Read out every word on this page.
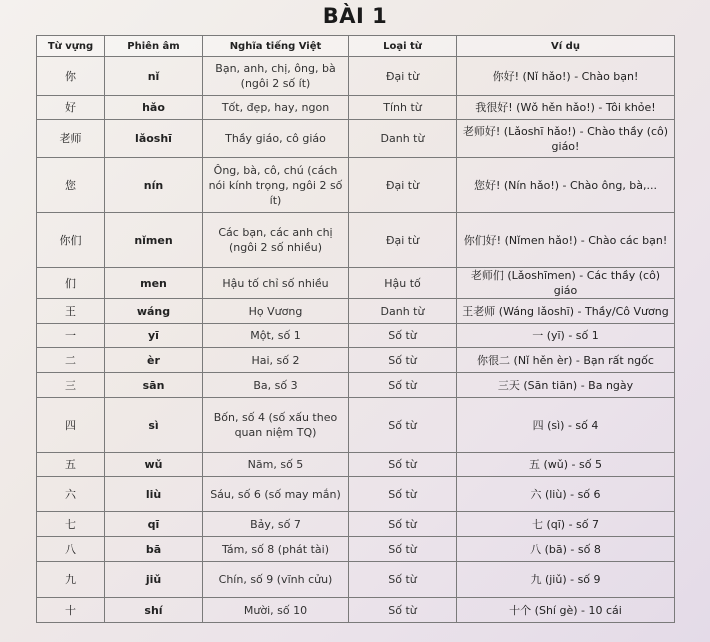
BÀI 1
Từ vựng	Phiên âm	Nghĩa tiếng Việt	Loại từ	Ví dụ
你	nǐ	Bạn, anh, chị, ông, bà (ngôi 2 số ít)	Đại từ	你好! (Nǐ hǎo!) - Chào bạn!
好	hǎo	Tốt, đẹp, hay, ngon	Tính từ	我很好! (Wǒ hěn hǎo!) - Tôi khỏe!
老师	lǎoshī	Thầy giáo, cô giáo	Danh từ	老师好! (Lǎoshī hǎo!) - Chào thầy (cô) giáo!
您	nín	Ông, bà, cô, chú (cách nói kính trọng, ngôi 2 số ít)	Đại từ	您好! (Nín hǎo!) - Chào ông, bà,...
你们	nǐmen	Các bạn, các anh chị (ngôi 2 số nhiều)	Đại từ	你们好! (Nǐmen hǎo!) - Chào các bạn!
们	men	Hậu tố chỉ số nhiều	Hậu tố	老师们 (Lǎoshīmen) - Các thầy (cô) giáo
王	wáng	Họ Vương	Danh từ	王老师 (Wáng lǎoshī) - Thầy/Cô Vương
一	yī	Một, số 1	Số từ	一 (yī) - số 1
二	èr	Hai, số 2	Số từ	你很二 (Nǐ hěn èr) - Bạn rất ngốc
三	sān	Ba, số 3	Số từ	三天 (Sān tiān) - Ba ngày
四	sì	Bốn, số 4 (số xấu theo quan niệm TQ)	Số từ	四 (sì) - số 4
五	wǔ	Năm, số 5	Số từ	五 (wǔ) - số 5
六	liù	Sáu, số 6 (số may mắn)	Số từ	六 (liù) - số 6
七	qī	Bảy, số 7	Số từ	七 (qī) - số 7
八	bā	Tám, số 8 (phát tài)	Số từ	八 (bā) - số 8
九	jiǔ	Chín, số 9 (vĩnh cửu)	Số từ	九 (jiǔ) - số 9
十	shí	Mười, số 10	Số từ	十个 (Shí gè) - 10 cái
